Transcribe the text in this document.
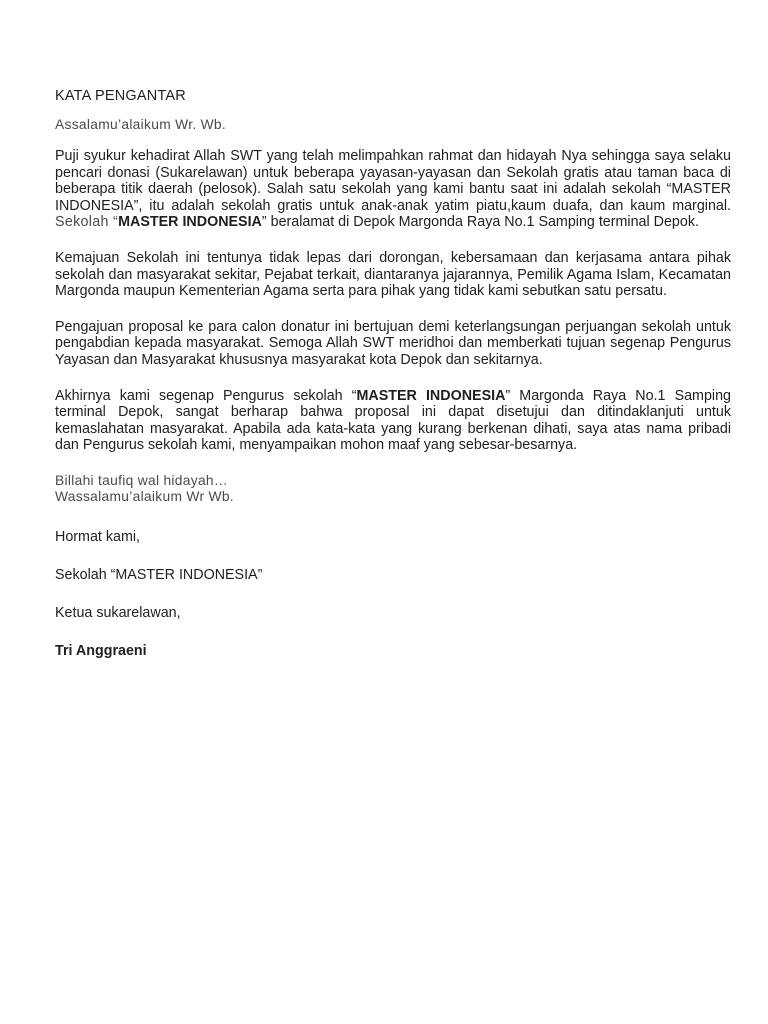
KATA PENGANTAR
Assalamu’alaikum Wr. Wb.

Puji syukur kehadirat Allah SWT yang telah melimpahkan rahmat dan hidayah Nya sehingga saya selaku pencari donasi (Sukarelawan) untuk beberapa yayasan-yayasan dan Sekolah gratis atau taman baca di beberapa titik daerah (pelosok). Salah satu sekolah yang kami bantu saat ini adalah sekolah “MASTER INDONESIA”, itu adalah sekolah gratis untuk anak-anak yatim piatu,kaum duafa, dan kaum marginal. Sekolah “MASTER INDONESIA” beralamat di Depok Margonda Raya No.1 Samping terminal Depok.

Kemajuan Sekolah ini tentunya tidak lepas dari dorongan, kebersamaan dan kerjasama antara pihak sekolah dan masyarakat sekitar, Pejabat terkait, diantaranya jajarannya, Pemilik Agama Islam, Kecamatan Margonda maupun Kementerian Agama serta para pihak yang tidak kami sebutkan satu persatu.

Pengajuan proposal ke para calon donatur ini bertujuan demi keterlangsungan perjuangan sekolah untuk pengabdian kepada masyarakat. Semoga Allah SWT meridhoi dan memberkati tujuan segenap Pengurus Yayasan dan Masyarakat khususnya masyarakat kota Depok dan sekitarnya.

Akhirnya kami segenap Pengurus sekolah “MASTER INDONESIA” Margonda Raya No.1 Samping terminal Depok, sangat berharap bahwa proposal ini dapat disetujui dan ditindaklanjuti untuk kemaslahatan masyarakat. Apabila ada kata-kata yang kurang berkenan dihati, saya atas nama pribadi dan Pengurus sekolah kami, menyampaikan mohon maaf yang sebesar-besarnya.

Billahi taufiq wal hidayah…
Wassalamu’alaikum Wr Wb.
Hormat kami,
Sekolah “MASTER INDONESIA”
Ketua sukarelawan,
Tri Anggraeni
